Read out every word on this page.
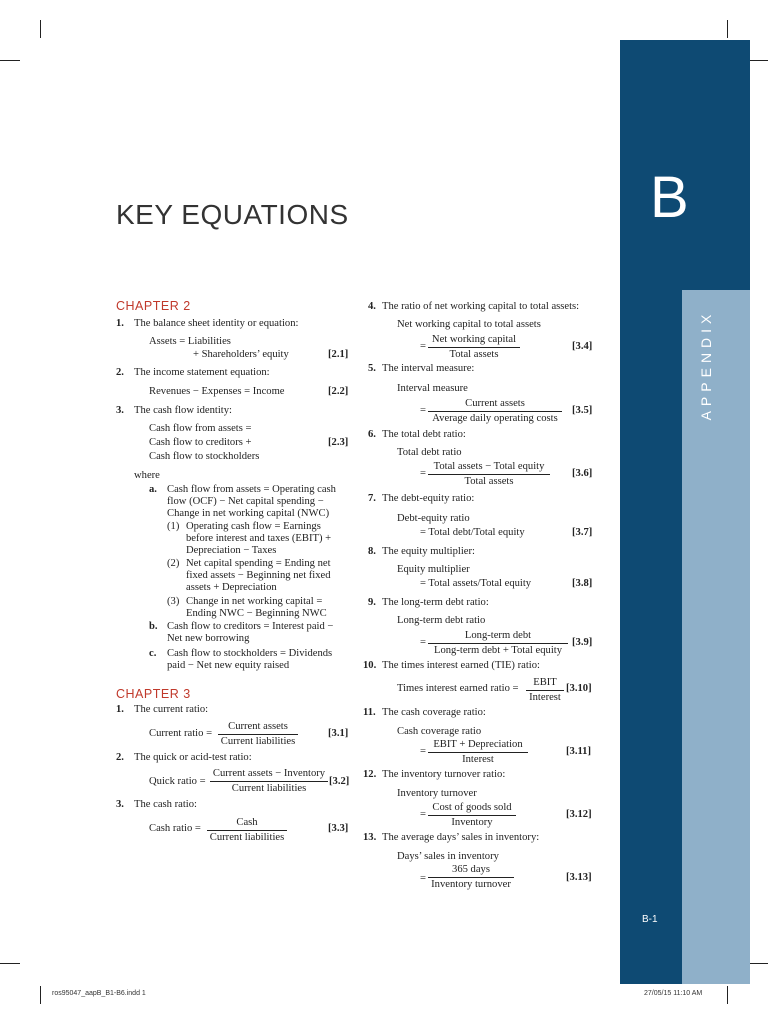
B
APPENDIX
B-1
KEY EQUATIONS
CHAPTER 2
1. The balance sheet identity or equation:
Assets = Liabilities
+ Shareholders’ equity	[2.1]
2. The income statement equation:
Revenues − Expenses = Income	[2.2]
3. The cash flow identity:
Cash flow from assets =
Cash flow to creditors +
Cash flow to stockholders
[2.3]
where
a. Cash flow from assets = Operating cash
flow (OCF) − Net capital spending −
Change in net working capital (NWC)
(1) Operating cash flow = Earnings
before interest and taxes (EBIT) +
Depreciation − Taxes
(2) Net capital spending = Ending net
fixed assets − Beginning net fixed
assets + Depreciation
(3) Change in net working capital =
Ending NWC − Beginning NWC
b. Cash flow to creditors = Interest paid −
Net new borrowing
c. Cash flow to stockholders = Dividends
paid − Net new equity raised
CHAPTER 3
1. The current ratio:
Current ratio =
Current assets
Current liabilities
[3.1]
2. The quick or acid-test ratio:
Quick ratio =
Current assets − Inventory
Current liabilities
[3.2]
3. The cash ratio:
Cash ratio =
Cash
Current liabilities
[3.3]
4. The ratio of net working capital to total assets:
Net working capital to total assets
=
Net working capital
Total assets
[3.4]
5. The interval measure:
Interval measure
=
Current assets
Average daily operating costs
[3.5]
6. The total debt ratio:
Total debt ratio
=
Total assets − Total equity
Total assets
[3.6]
7. The debt-equity ratio:
Debt-equity ratio
= Total debt/Total equity	[3.7]
8. The equity multiplier:
Equity multiplier
= Total assets/Total equity	[3.8]
9. The long-term debt ratio:
Long-term debt ratio
=
Long-term debt
Long-term debt + Total equity
[3.9]
10. The times interest earned (TIE) ratio:
Times interest earned ratio =
EBIT
Interest
[3.10]
11. The cash coverage ratio:
Cash coverage ratio
=
EBIT + Depreciation
Interest
[3.11]
12. The inventory turnover ratio:
Inventory turnover
=
Cost of goods sold
Inventory
[3.12]
13. The average days’ sales in inventory:
Days’ sales in inventory
=
365 days
Inventory turnover
[3.13]
ros95047_aapB_B1-B6.indd 1	27/05/15 11:10 AM
